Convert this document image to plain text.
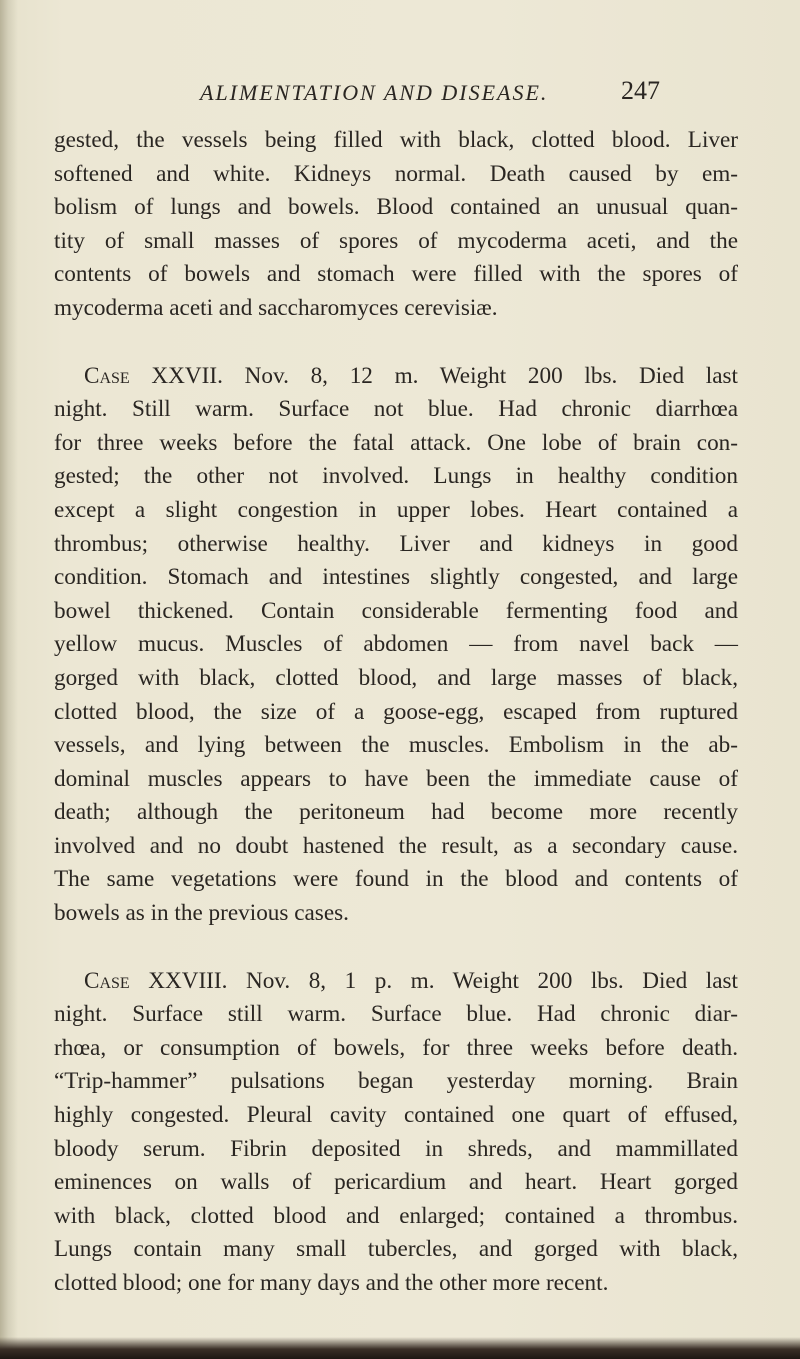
ALIMENTATION AND DISEASE.	247
gested, the vessels being filled with black, clotted blood. Liver
softened and white. Kidneys normal. Death caused by em-
bolism of lungs and bowels. Blood contained an unusual quan-
tity of small masses of spores of mycoderma aceti, and the
contents of bowels and stomach were filled with the spores of
mycoderma aceti and saccharomyces cerevisiæ.
Case XXVII. Nov. 8, 12 m. Weight 200 lbs. Died last
night. Still warm. Surface not blue. Had chronic diarrhœa
for three weeks before the fatal attack. One lobe of brain con-
gested; the other not involved. Lungs in healthy condition
except a slight congestion in upper lobes. Heart contained a
thrombus; otherwise healthy. Liver and kidneys in good
condition. Stomach and intestines slightly congested, and large
bowel thickened. Contain considerable fermenting food and
yellow mucus. Muscles of abdomen — from navel back —
gorged with black, clotted blood, and large masses of black,
clotted blood, the size of a goose-egg, escaped from ruptured
vessels, and lying between the muscles. Embolism in the ab-
dominal muscles appears to have been the immediate cause of
death; although the peritoneum had become more recently
involved and no doubt hastened the result, as a secondary cause.
The same vegetations were found in the blood and contents of
bowels as in the previous cases.
Case XXVIII. Nov. 8, 1 p. m. Weight 200 lbs. Died last
night. Surface still warm. Surface blue. Had chronic diar-
rhœa, or consumption of bowels, for three weeks before death.
“Trip-hammer” pulsations began yesterday morning. Brain
highly congested. Pleural cavity contained one quart of effused,
bloody serum. Fibrin deposited in shreds, and mammillated
eminences on walls of pericardium and heart. Heart gorged
with black, clotted blood and enlarged; contained a thrombus.
Lungs contain many small tubercles, and gorged with black,
clotted blood; one for many days and the other more recent.
